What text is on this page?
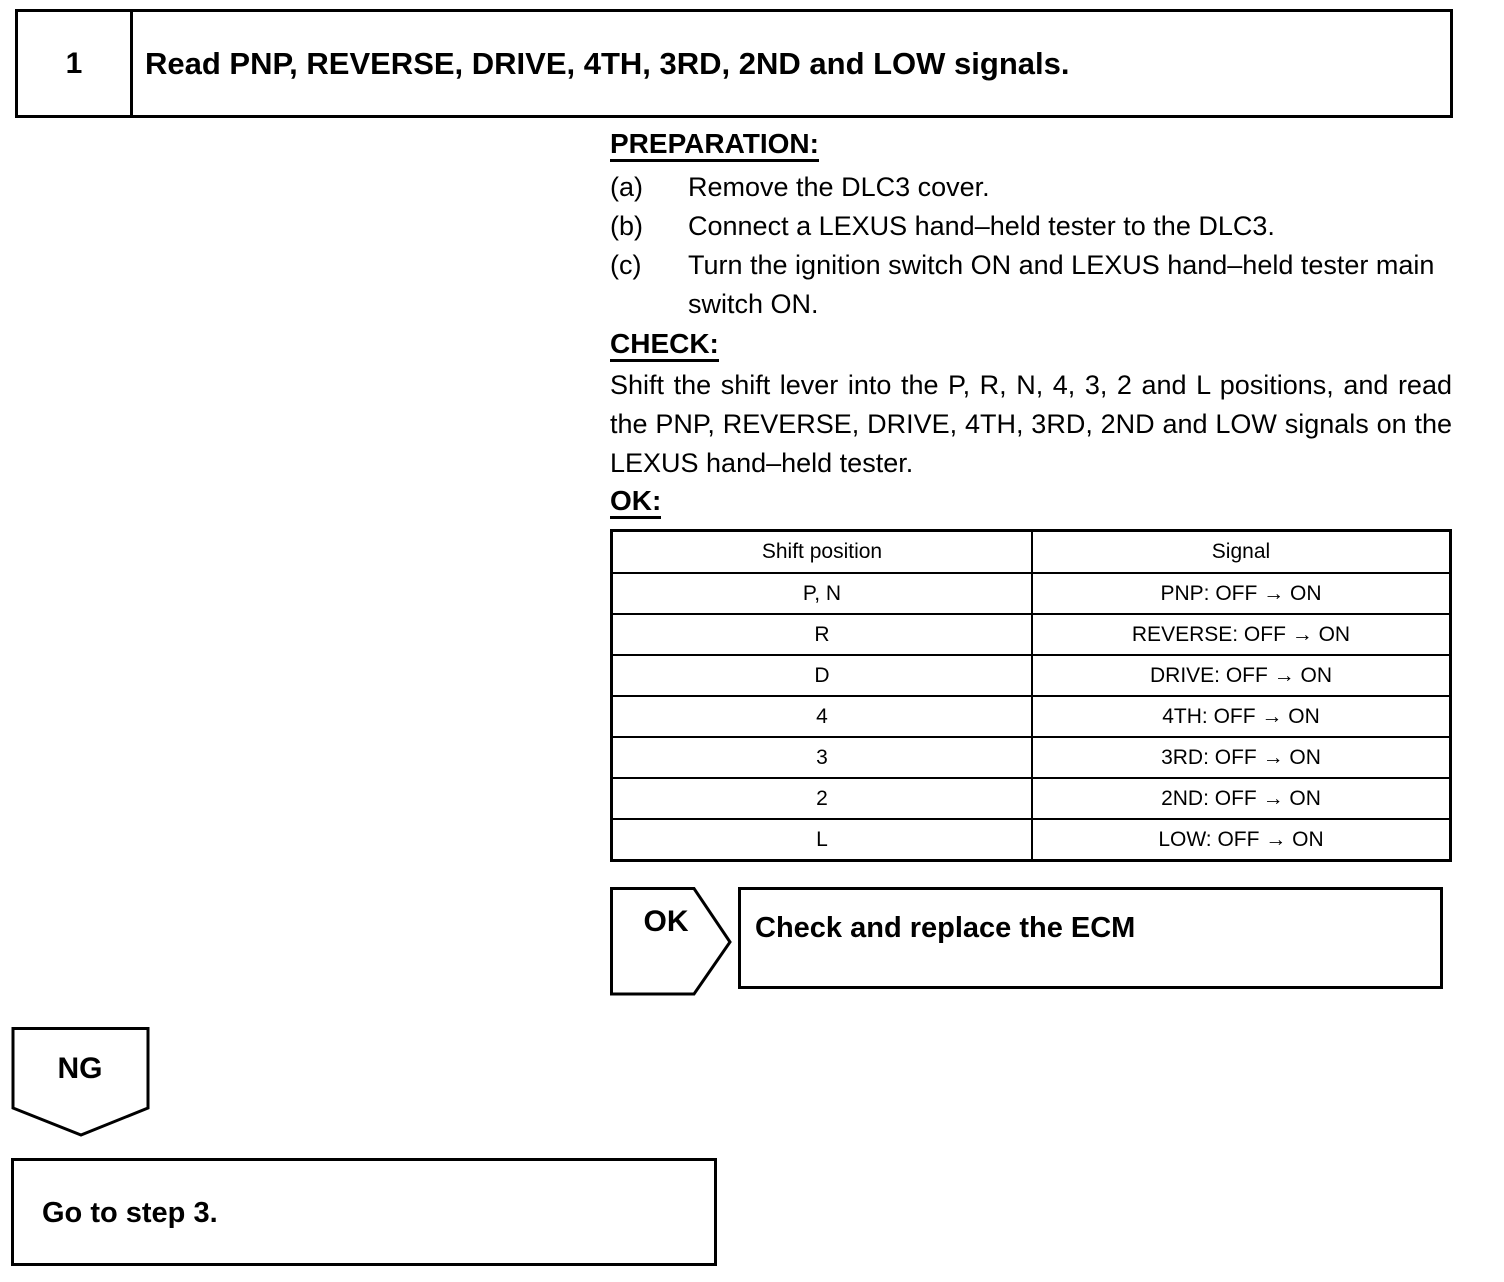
1	Read PNP, REVERSE, DRIVE, 4TH, 3RD, 2ND and LOW signals.
PREPARATION:
(a)	Remove the DLC3 cover.
(b)	Connect a LEXUS hand–held tester to the DLC3.
(c)	Turn the ignition switch ON and LEXUS hand–held tester main switch ON.
CHECK:
Shift the shift lever into the P, R, N, 4, 3, 2 and L positions, and read the PNP, REVERSE, DRIVE, 4TH, 3RD, 2ND and LOW signals on the LEXUS hand–held tester.
OK:
Shift position	Signal
P, N	PNP: OFF → ON
R	REVERSE: OFF → ON
D	DRIVE: OFF → ON
4	4TH: OFF → ON
3	3RD: OFF → ON
2	2ND: OFF → ON
L	LOW: OFF → ON
OK	Check and replace the ECM
NG
Go to step 3.
